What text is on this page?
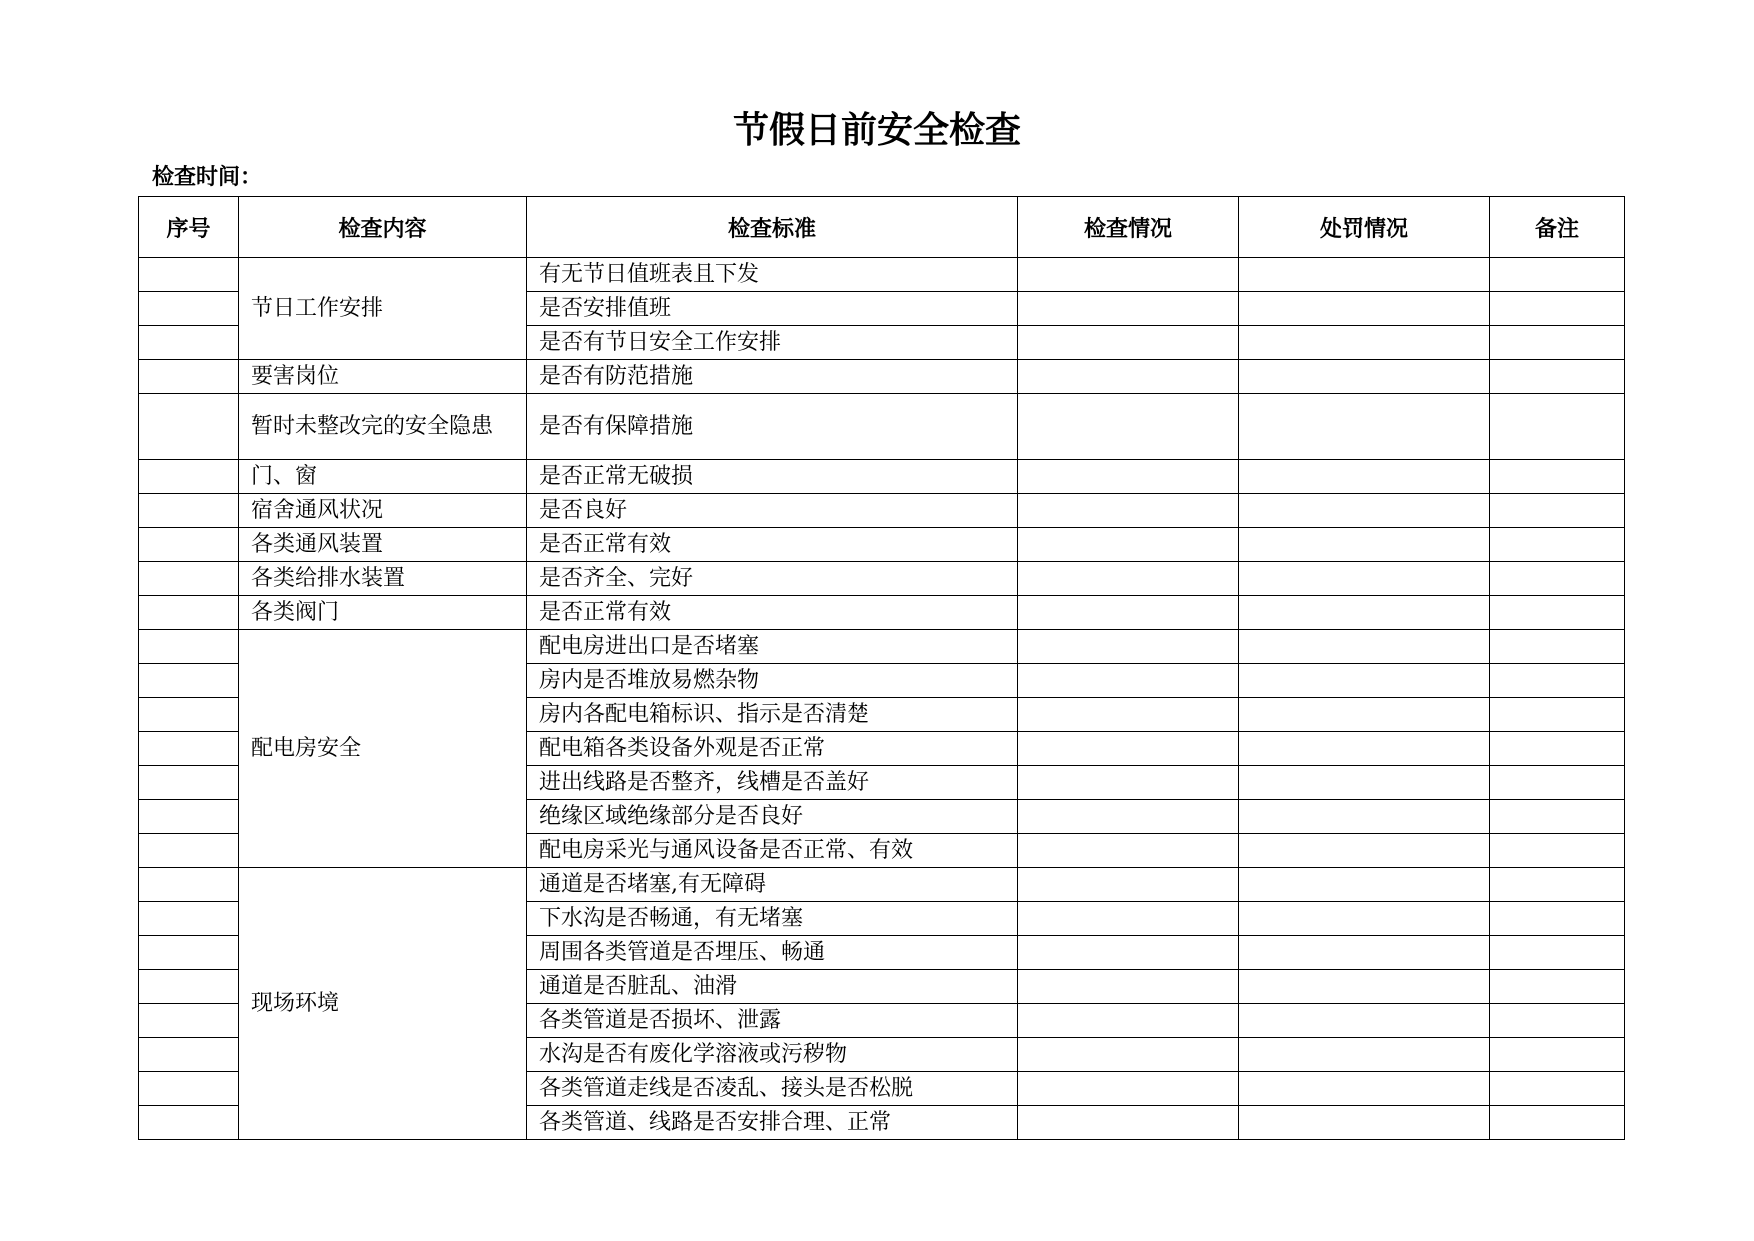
节假日前安全检查
检查时间：
序号	检查内容	检查标准	检查情况	处罚情况	备注
	节日工作安排	有无节日值班表且下发			
		是否安排值班			
		是否有节日安全工作安排			
	要害岗位	是否有防范措施			
	暂时未整改完的安全隐患	是否有保障措施			
	门、窗	是否正常无破损			
	宿舍通风状况	是否良好			
	各类通风装置	是否正常有效			
	各类给排水装置	是否齐全、完好			
	各类阀门	是否正常有效			
	配电房安全	配电房进出口是否堵塞			
		房内是否堆放易燃杂物			
		房内各配电箱标识、指示是否清楚			
		配电箱各类设备外观是否正常			
		进出线路是否整齐，线槽是否盖好			
		绝缘区域绝缘部分是否良好			
		配电房采光与通风设备是否正常、有效			
	现场环境	通道是否堵塞,有无障碍			
		下水沟是否畅通，有无堵塞			
		周围各类管道是否埋压、畅通			
		通道是否脏乱、油滑			
		各类管道是否损坏、泄露			
		水沟是否有废化学溶液或污秽物			
		各类管道走线是否凌乱、接头是否松脱			
		各类管道、线路是否安排合理、正常			
